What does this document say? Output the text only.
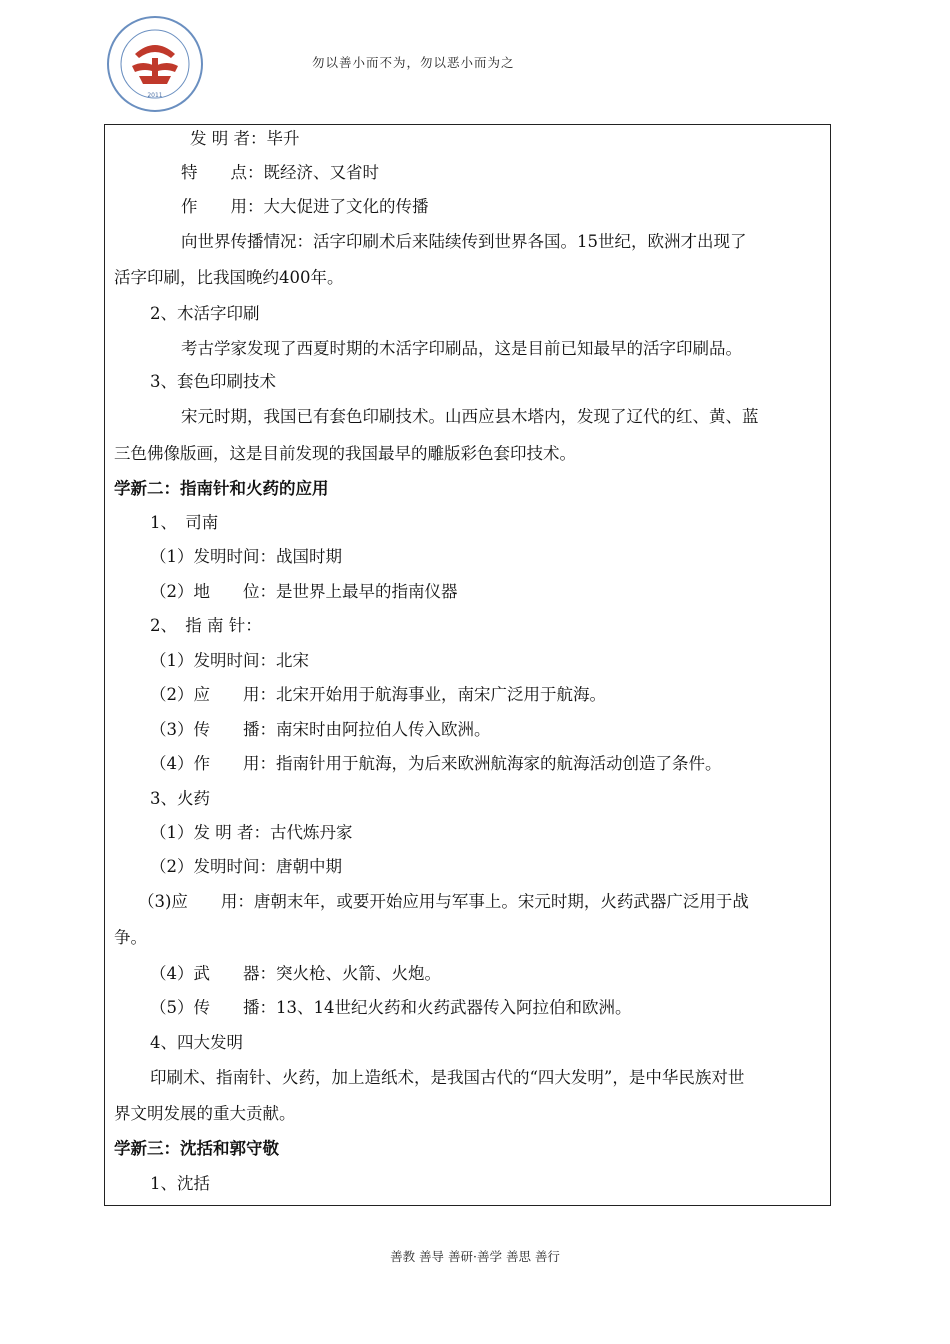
2011
勿以善小而不为，勿以恶小而为之
发 明 者：毕升
特　　点：既经济、又省时
作　　用：大大促进了文化的传播
向世界传播情况：活字印刷术后来陆续传到世界各国。15世纪，欧洲才出现了
活字印刷，比我国晚约400年。
2、木活字印刷
考古学家发现了西夏时期的木活字印刷品，这是目前已知最早的活字印刷品。
3、套色印刷技术
宋元时期，我国已有套色印刷技术。山西应县木塔内，发现了辽代的红、黄、蓝
三色佛像版画，这是目前发现的我国最早的雕版彩色套印技术。
学新二：指南针和火药的应用
1、　司南
（1）发明时间：战国时期
（2）地　　位：是世界上最早的指南仪器
2、　指 南 针：
（1）发明时间：北宋
（2）应　　用：北宋开始用于航海事业，南宋广泛用于航海。
（3）传　　播：南宋时由阿拉伯人传入欧洲。
（4）作　　用：指南针用于航海，为后来欧洲航海家的航海活动创造了条件。
3、火药
（1）发 明 者：古代炼丹家
（2）发明时间：唐朝中期
（3)应　　用：唐朝末年，或要开始应用与军事上。宋元时期，火药武器广泛用于战
争。
（4）武　　器：突火枪、火箭、火炮。
（5）传　　播：13、14世纪火药和火药武器传入阿拉伯和欧洲。
4、四大发明
印刷术、指南针、火药，加上造纸术，是我国古代的“四大发明”，是中华民族对世
界文明发展的重大贡献。
学新三：沈括和郭守敬
1、沈括
善教 善导 善研·善学 善思 善行
